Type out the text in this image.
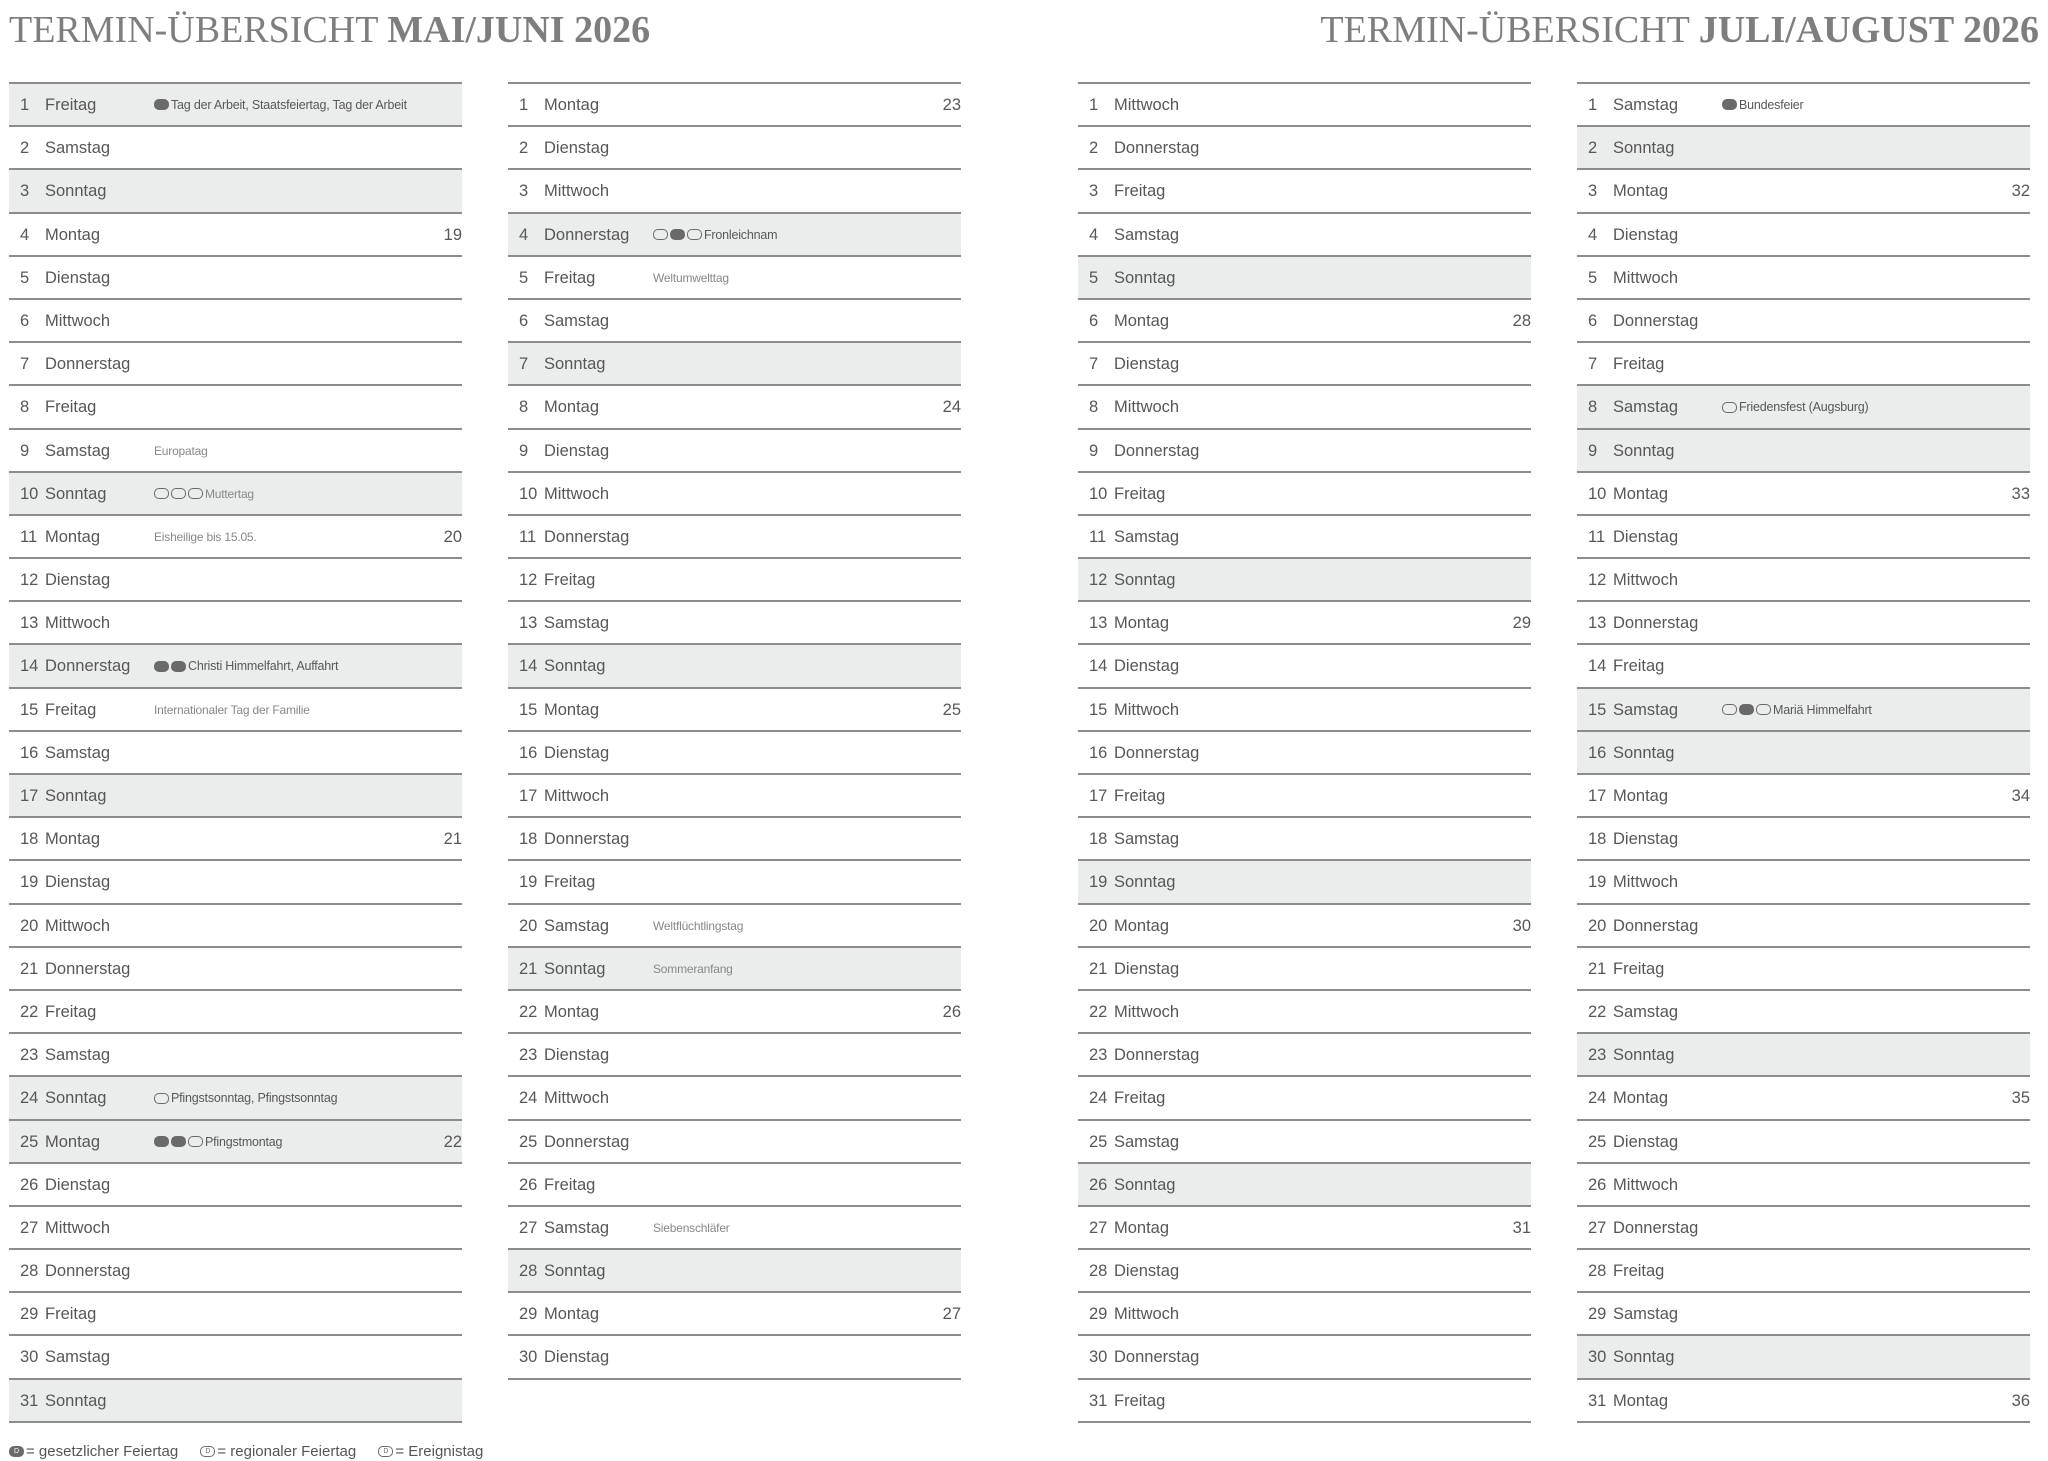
TERMIN-ÜBERSICHT MAI/JUNI 2026	TERMIN-ÜBERSICHT JULI/AUGUST 2026
1 Freitag	Tag der Arbeit, Staatsfeiertag, Tag der Arbeit
2 Samstag
3 Sonntag
4 Montag	19
5 Dienstag
6 Mittwoch
7 Donnerstag
8 Freitag
9 Samstag	Europatag
10 Sonntag	Muttertag
11 Montag	Eisheilige bis 15.05.	20
12 Dienstag
13 Mittwoch
14 Donnerstag	Christi Himmelfahrt, Auffahrt
15 Freitag	Internationaler Tag der Familie
16 Samstag
17 Sonntag
18 Montag	21
19 Dienstag
20 Mittwoch
21 Donnerstag
22 Freitag
23 Samstag
24 Sonntag	Pfingstsonntag, Pfingstsonntag
25 Montag	Pfingstmontag	22
26 Dienstag
27 Mittwoch
28 Donnerstag
29 Freitag
30 Samstag
31 Sonntag
1 Montag	23
2 Dienstag
3 Mittwoch
4 Donnerstag	Fronleichnam
5 Freitag	Weltumwelttag
6 Samstag
7 Sonntag
8 Montag	24
9 Dienstag
10 Mittwoch
11 Donnerstag
12 Freitag
13 Samstag
14 Sonntag
15 Montag	25
16 Dienstag
17 Mittwoch
18 Donnerstag
19 Freitag
20 Samstag	Weltflüchtlingstag
21 Sonntag	Sommeranfang
22 Montag	26
23 Dienstag
24 Mittwoch
25 Donnerstag
26 Freitag
27 Samstag	Siebenschläfer
28 Sonntag
29 Montag	27
30 Dienstag
1 Mittwoch
2 Donnerstag
3 Freitag
4 Samstag
5 Sonntag
6 Montag	28
7 Dienstag
8 Mittwoch
9 Donnerstag
10 Freitag
11 Samstag
12 Sonntag
13 Montag	29
14 Dienstag
15 Mittwoch
16 Donnerstag
17 Freitag
18 Samstag
19 Sonntag
20 Montag	30
21 Dienstag
22 Mittwoch
23 Donnerstag
24 Freitag
25 Samstag
26 Sonntag
27 Montag	31
28 Dienstag
29 Mittwoch
30 Donnerstag
31 Freitag
1 Samstag	Bundesfeier
2 Sonntag
3 Montag	32
4 Dienstag
5 Mittwoch
6 Donnerstag
7 Freitag
8 Samstag	Friedensfest (Augsburg)
9 Sonntag
10 Montag	33
11 Dienstag
12 Mittwoch
13 Donnerstag
14 Freitag
15 Samstag	Mariä Himmelfahrt
16 Sonntag
17 Montag	34
18 Dienstag
19 Mittwoch
20 Donnerstag
21 Freitag
22 Samstag
23 Sonntag
24 Montag	35
25 Dienstag
26 Mittwoch
27 Donnerstag
28 Freitag
29 Samstag
30 Sonntag
31 Montag	36
D = gesetzlicher Feiertag	D = regionaler Feiertag	D = Ereignistag
